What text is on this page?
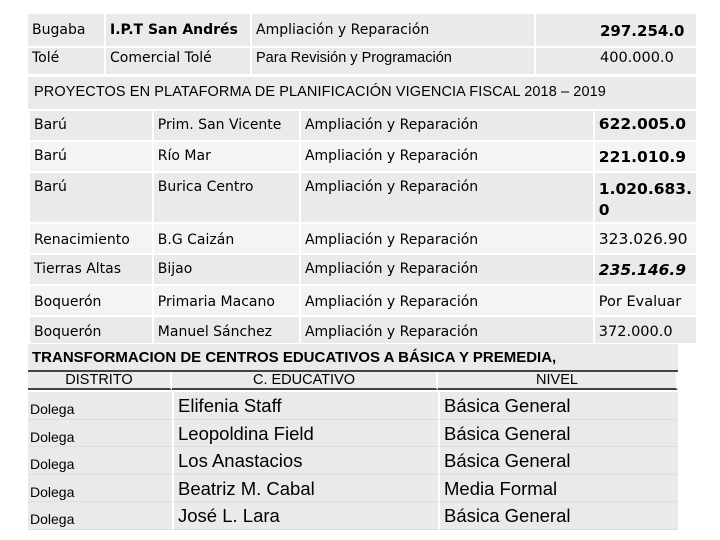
Bugaba	I.P.T San Andrés	Ampliación y Reparación	297.254.0
Tolé	Comercial Tolé	Para Revisión y Programación	400.000.0
PROYECTOS EN PLATAFORMA DE PLANIFICACIÓN VIGENCIA FISCAL 2018 – 2019
Barú	Prim. San Vicente	Ampliación y Reparación	622.005.0
Barú	Río Mar	Ampliación y Reparación	221.010.9
Barú	Burica Centro	Ampliación y Reparación	1.020.683.
0
Renacimiento	B.G Caizán	Ampliación y Reparación	323.026.90
Tierras Altas	Bijao	Ampliación y Reparación	235.146.9
Boquerón	Primaria Macano	Ampliación y Reparación	Por Evaluar
Boquerón	Manuel Sánchez	Ampliación y Reparación	372.000.0
TRANSFORMACION DE CENTROS EDUCATIVOS A BÁSICA Y PREMEDIA,
DISTRITO	C. EDUCATIVO	NIVEL
Dolega	Elifenia Staff	Básica General
Dolega	Leopoldina Field	Básica General
Dolega	Los Anastacios	Básica General
Dolega	Beatriz M. Cabal	Media Formal
Dolega	José L. Lara	Básica General
